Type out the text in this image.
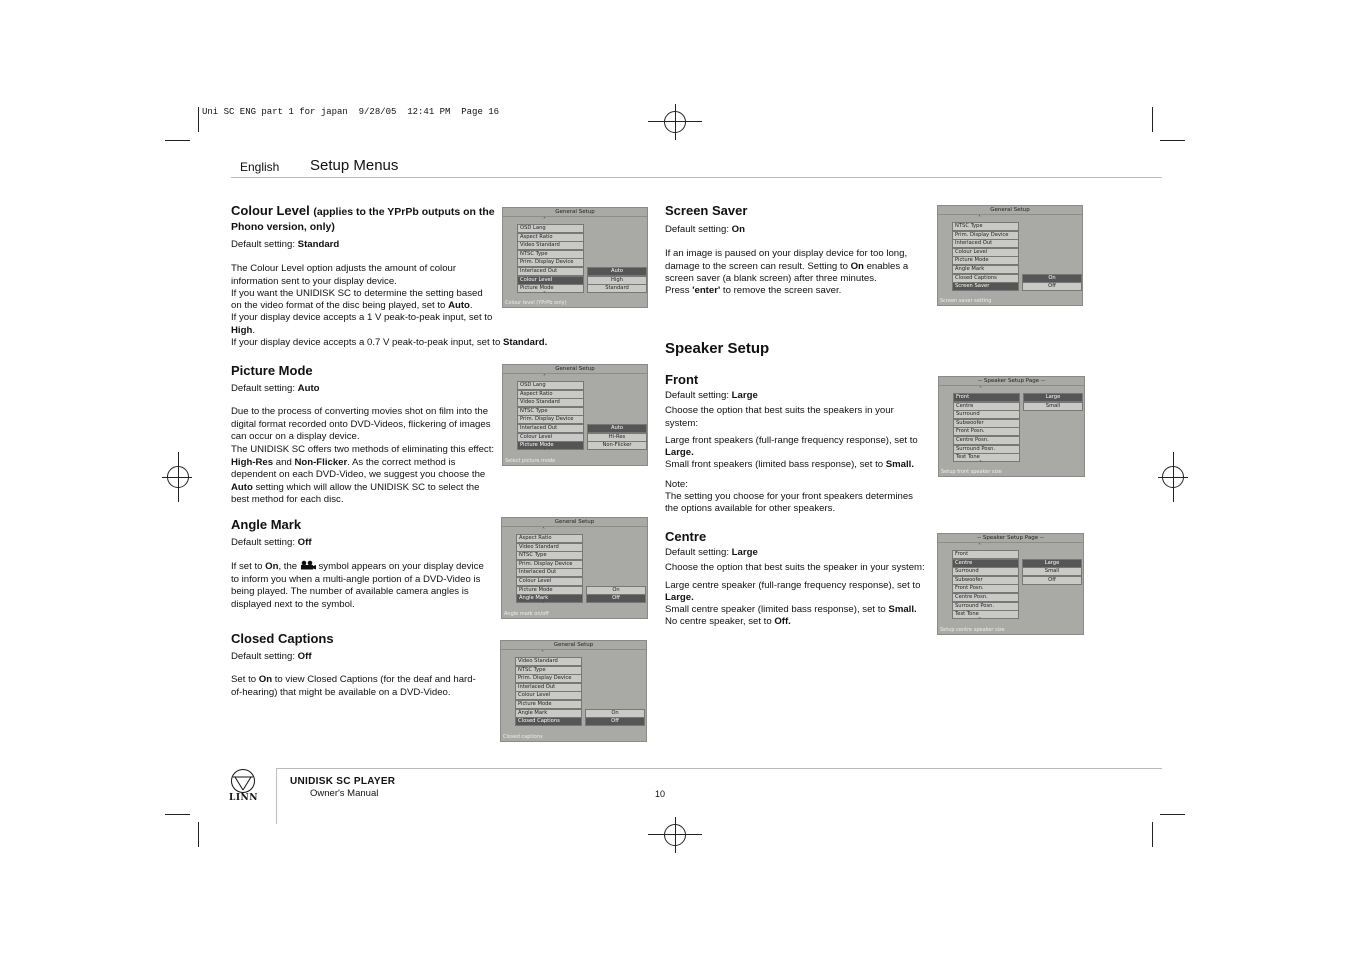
Uni SC ENG part 1 for japan  9/28/05  12:41 PM  Page 16
English Setup Menus
Colour Level (applies to the YPrPb outputs on the Phono version, only)
Default setting: Standard

The Colour Level option adjusts the amount of colour information sent to your display device.

If you want the UNIDISK SC to determine the setting based on the video format of the disc being played, set to Auto.

If your display device accepts a 1 V peak-to-peak input, set to High.

If your display device accepts a 0.7 V peak-to-peak input, set to Standard.

Picture Mode
Default setting: Auto

Due to the process of converting movies shot on film into the digital format recorded onto DVD-Videos, flickering of images can occur on a display device.

The UNIDISK SC offers two methods of eliminating this effect: High-Res and Non-Flicker. As the correct method is dependent on each DVD-Video, we suggest you choose the Auto setting which will allow the UNIDISK SC to select the best method for each disc.

Angle Mark
Default setting: Off

If set to On, the  symbol appears on your display device to inform you when a multi-angle portion of a DVD-Video is being played. The number of available camera angles is displayed next to the symbol.

Closed Captions
Default setting: Off

Set to On to view Closed Captions (for the deaf and hard-of-hearing) that might be available on a DVD-Video.

Screen Saver
Default setting: On

If an image is paused on your display device for too long, damage to the screen can result. Setting to On enables a screen saver (a blank screen) after three minutes.

Press 'enter' to remove the screen saver.

Speaker Setup
Front
Default setting: Large

Choose the option that best suits the speakers in your system:

Large front speakers (full-range frequency response), set to Large.

Small front speakers (limited bass response), set to Small.

Note:

The setting you choose for your front speakers determines the options available for other speakers.

Centre
Default setting: Large

Choose the option that best suits the speaker in your system:

Large centre speaker (full-range frequency response), set to Large.

Small centre speaker (limited bass response), set to Small.

No centre speaker, set to Off.

General Setup
˄
OSD Lang
Aspect Ratio
Video Standard
NTSC Type
Prim. Display Device
Interlaced Out
Colour Level
Picture Mode
˅
Auto
High
Standard
Colour level (YPrPb only)
General Setup
˄
OSD Lang
Aspect Ratio
Video Standard
NTSC Type
Prim. Display Device
Interlaced Out
Colour Level
Picture Mode
˅
Auto
Hi-Res
Non-Flicker
Select picture mode
General Setup
˄
Aspect Ratio
Video Standard
NTSC Type
Prim. Display Device
Interlaced Out
Colour Level
Picture Mode
Angle Mark
˅
On
Off
Angle mark on/off
General Setup
˄
Video Standard
NTSC Type
Prim. Display Device
Interlaced Out
Colour Level
Picture Mode
Angle Mark
Closed Captions
˅
On
Off
Closed captions
General Setup
˄
NTSC Type
Prim. Display Device
Interlaced Out
Colour Level
Picture Mode
Angle Mark
Closed Captions
Screen Saver
˅
On
Off
Screen saver setting
-- Speaker Setup Page --
˄
Front
Centre
Surround
Subwoofer
Front Posn.
Centre Posn.
Surround Posn.
Test Tone
˅
Large
Small
Setup front speaker size
-- Speaker Setup Page --
˄
Front
Centre
Surround
Subwoofer
Front Posn.
Centre Posn.
Surround Posn.
Test Tone
˅
Large
Small
Off
Setup centre speaker size
LINN
UNIDISK SC PLAYER
Owner's Manual	10
